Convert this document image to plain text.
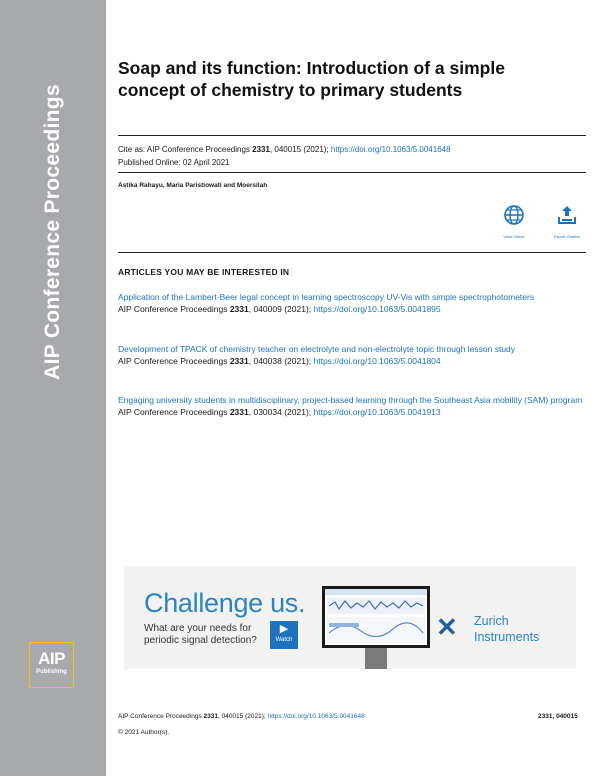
AIP Conference Proceedings
AIP
Publishing
Soap and its function: Introduction of a simple concept of chemistry to primary students
Cite as: AIP Conference Proceedings 2331, 040015 (2021); https://doi.org/10.1063/5.0041648
Published Online: 02 April 2021
Astika Rahayu, Maria Paristiowati and Moersilah
View Online	Export Citation
ARTICLES YOU MAY BE INTERESTED IN
Application of the Lambert-Beer legal concept in learning spectroscopy UV-Vis with simple spectrophotometers
AIP Conference Proceedings 2331, 040009 (2021); https://doi.org/10.1063/5.0041895
Development of TPACK of chemistry teacher on electrolyte and non-electrolyte topic through lesson study
AIP Conference Proceedings 2331, 040038 (2021); https://doi.org/10.1063/5.0041804
Engaging university students in multidisciplinary, project-based learning through the Southeast Asia mobility (SAM) program
AIP Conference Proceedings 2331, 030034 (2021); https://doi.org/10.1063/5.0041913
Challenge us.
What are your needs for periodic signal detection?
▶
Watch	✕ Zurich
Instruments
AIP Conference Proceedings 2331, 040015 (2021); https://doi.org/10.1063/5.0041648	2331, 040015
© 2021 Author(s).
